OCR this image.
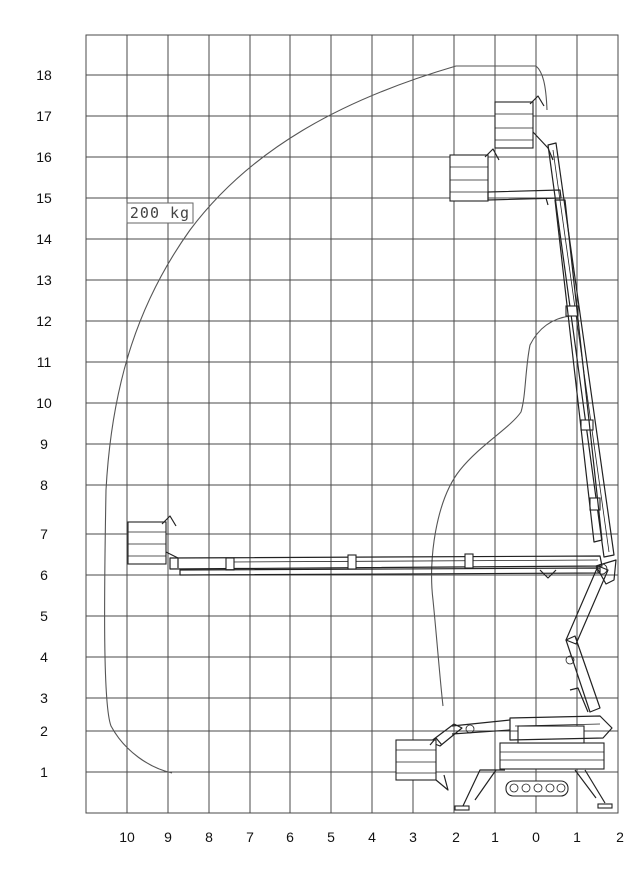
1
2
3
4
5
6
7
8
9
10
11
12
13
14
15
16
17
18
10 9 8 7 6 5 4 3	2 1 0 1	2
200 kg
